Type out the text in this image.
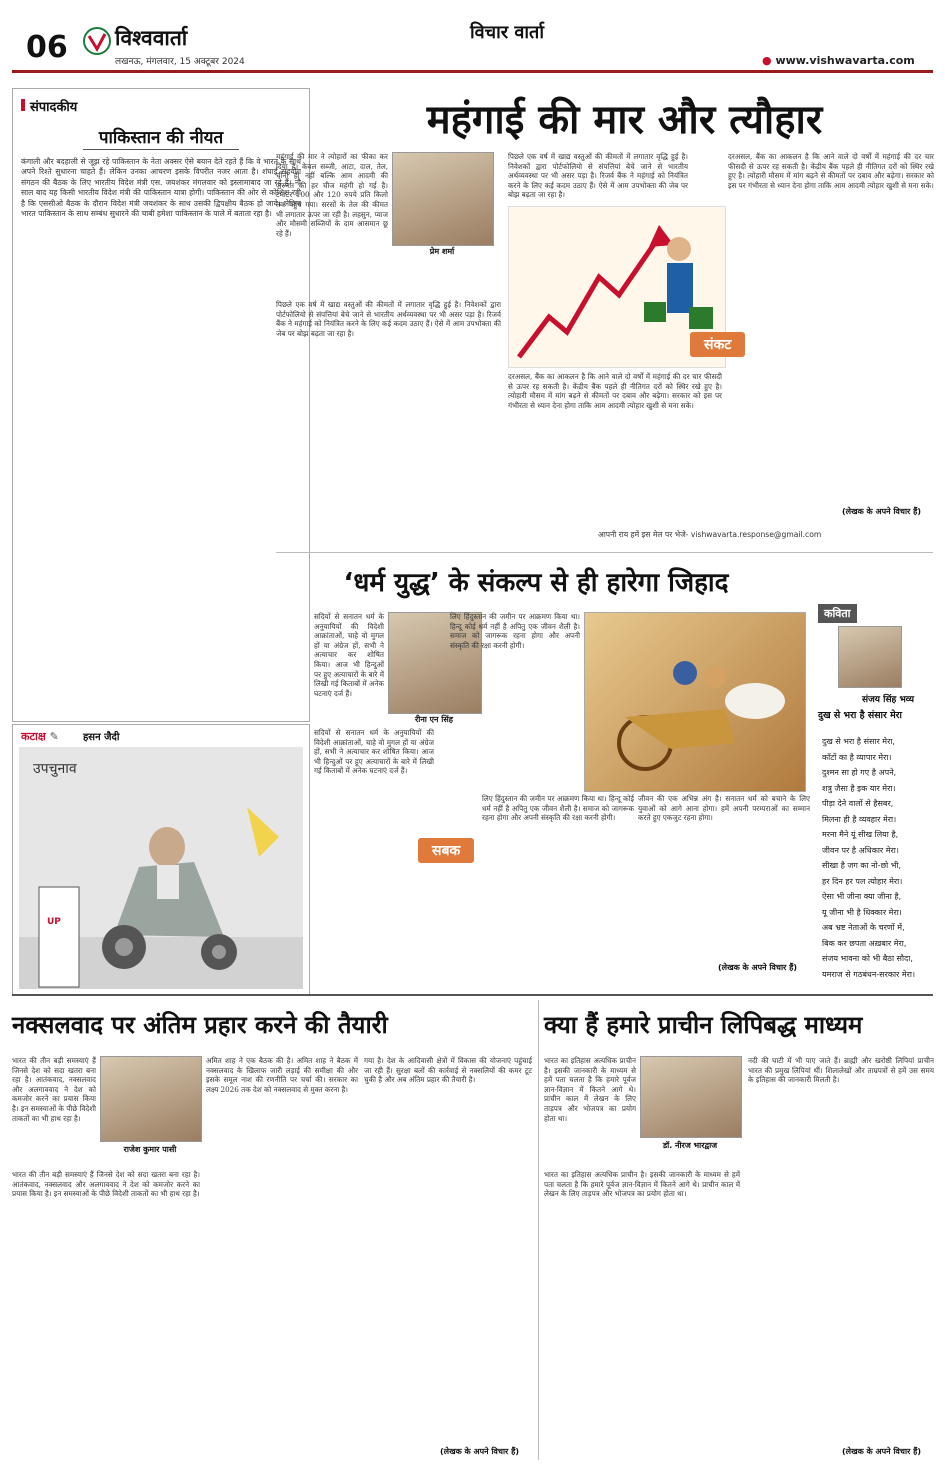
06 विश्ववार्ता
लखनऊ, मंगलवार, 15 अक्टूबर 2024
विचार वार्ता
● www.vishwavarta.com
संपादकीय
पाकिस्तान की नीयत
कंगाली और बदहाली से जूझ रहे पाकिस्तान के नेता अक्सर ऐसे बयान देते रहते हैं कि वे भारत के साथ अपने रिश्ते सुधारना चाहते हैं। लेकिन उनका आचरण इसके विपरीत नजर आता है। शंघाई सहयोग संगठन की बैठक के लिए भारतीय विदेश मंत्री एस. जयशंकर मंगलवार को इस्लामाबाद जा रहे हैं। नौ साल बाद यह किसी भारतीय विदेश मंत्री की पाकिस्तान यात्रा होगी। पाकिस्तान की ओर से कोशिश रही है कि एससीओ बैठक के दौरान विदेश मंत्री जयशंकर के साथ उसकी द्विपक्षीय बैठक हो जाये। लेकिन भारत पाकिस्तान के साथ सम्बंध सुधारने की चाबी हमेशा पाकिस्तान के पाले में बताता रहा है।
कटाक्ष ✎ हसन जैदी
उपचुनाव
UP
महंगाई की मार और त्यौहार
महंगाई की मार ने त्योहारों का फीका कर दिया है। केवल सब्जी, आटा, दाल, तेल, चीनी ही नहीं बल्कि आम आदमी की जरूरत की हर चीज महंगी हो गई है। टमाटर 100 और 120 रुपये प्रति किलो तक पहुंच गया। सरसों के तेल की कीमत भी लगातार ऊपर जा रही है। लहसुन, प्याज और मौसमी सब्जियों के दाम आसमान छू रहे हैं।
प्रेम शर्मा
पिछले एक वर्ष में खाद्य वस्तुओं की कीमतों में लगातार वृद्धि हुई है। निवेशकों द्वारा पोर्टफोलियो से संपत्तियां बेचे जाने से भारतीय अर्थव्यवस्था पर भी असर पड़ा है। रिजर्व बैंक ने महंगाई को नियंत्रित करने के लिए कई कदम उठाए हैं। ऐसे में आम उपभोक्ता की जेब पर बोझ बढ़ता जा रहा है।
पिछले एक वर्ष में खाद्य वस्तुओं की कीमतों में लगातार वृद्धि हुई है। निवेशकों द्वारा पोर्टफोलियो से संपत्तियां बेचे जाने से भारतीय अर्थव्यवस्था पर भी असर पड़ा है। रिजर्व बैंक ने महंगाई को नियंत्रित करने के लिए कई कदम उठाए हैं। ऐसे में आम उपभोक्ता की जेब पर बोझ बढ़ता जा रहा है।
संकट
दरअसल, बैंक का आकलन है कि आने वाले दो वर्षों में महंगाई की दर चार फीसदी से ऊपर रह सकती है। केंद्रीय बैंक पहले ही नीतिगत दरों को स्थिर रखे हुए है। त्योहारी मौसम में मांग बढ़ने से कीमतों पर दबाव और बढ़ेगा। सरकार को इस पर गंभीरता से ध्यान देना होगा ताकि आम आदमी त्योहार खुशी से मना सके।
दरअसल, बैंक का आकलन है कि आने वाले दो वर्षों में महंगाई की दर चार फीसदी से ऊपर रह सकती है। केंद्रीय बैंक पहले ही नीतिगत दरों को स्थिर रखे हुए है। त्योहारी मौसम में मांग बढ़ने से कीमतों पर दबाव और बढ़ेगा। सरकार को इस पर गंभीरता से ध्यान देना होगा ताकि आम आदमी त्योहार खुशी से मना सके।
(लेखक के अपने विचार हैं)
आपनी राय हमें इस मेल पर भेजे- vishwavarta.response@gmail.com
‘धर्म युद्ध’ के संकल्प से ही हारेगा जिहाद
सदियों से सनातन धर्म के अनुयायियों की विदेशी आक्रांताओं, चाहे वो मुगल हों या अंग्रेज हों, सभी ने अत्याचार कर शोषित किया। आज भी हिन्दुओं पर हुए अत्याचारों के बारे में लिखी गई किताबों में अनेक घटनाएं दर्ज हैं।
रीना एन सिंह
सदियों से सनातन धर्म के अनुयायियों की विदेशी आक्रांताओं, चाहे वो मुगल हों या अंग्रेज हों, सभी ने अत्याचार कर शोषित किया। आज भी हिन्दुओं पर हुए अत्याचारों के बारे में लिखी गई किताबों में अनेक घटनाएं दर्ज हैं।
सबक
लिए हिंदुस्तान की जमीन पर आक्रमण किया था। हिन्दू कोई धर्म नहीं है अपितु एक जीवन शैली है। समाज को जागरूक रहना होगा और अपनी संस्कृति की रक्षा करनी होगी।
लिए हिंदुस्तान की जमीन पर आक्रमण किया था। हिन्दू कोई धर्म नहीं है अपितु एक जीवन शैली है। समाज को जागरूक रहना होगा और अपनी संस्कृति की रक्षा करनी होगी।
जीवन की एक अभिन्न अंग है। सनातन धर्म को बचाने के लिए युवाओं को आगे आना होगा। हमें अपनी परम्पराओं का सम्मान करते हुए एकजुट रहना होगा।
(लेखक के अपने विचार हैं)
कविता
संजय सिंह भव्य
दुख से भरा है संसार मेरा
दुख से भरा है संसार मेरा,
काँटों का है व्यापार मेरा।
दुश्मन सा हो गए है अपने,
शत्रु जैसा है इक यार मेरा।
पीड़ा देने वालों से हैसबर,
मिलना ही है व्यवहार मेरा।
मरना मैने यूं सीख लिया है,
जीवन पर है अधिकार मेरा।
सीखा है जग का नो-छो भी,
हर दिन हर पल त्योहार मेरा।
ऐसा भी जीना क्या जीना है,
यू जीना भी है धिक्कार मेरा।
अब भ्रष्ट नेताओं के चरणों में,
बिक कर छपता अख़बार मेरा,
संजय भावना को भी बैठा सौदा,
यमराज से गठबंधन-सरकार मेरा।
नक्सलवाद पर अंतिम प्रहार करने की तैयारी
भारत की तीन बड़ी समस्याएं हैं जिनसे देश को सदा खतरा बना रहा है। आतंकवाद, नक्सलवाद और अलगाववाद ने देश को कमजोर करने का प्रयास किया है। इन समस्याओं के पीछे विदेशी ताकतों का भी हाथ रहा है।
राजेश कुमार पासी
भारत की तीन बड़ी समस्याएं हैं जिनसे देश को सदा खतरा बना रहा है। आतंकवाद, नक्सलवाद और अलगाववाद ने देश को कमजोर करने का प्रयास किया है। इन समस्याओं के पीछे विदेशी ताकतों का भी हाथ रहा है।
अमित शाह ने एक बैठक की है। अमित शाह ने बैठक में नक्सलवाद के खिलाफ जारी लड़ाई की समीक्षा की और इसके समूल नाश की रणनीति पर चर्चा की। सरकार का लक्ष्य 2026 तक देश को नक्सलवाद से मुक्त करना है।
गया है। देश के आदिवासी क्षेत्रों में विकास की योजनाएं पहुंचाई जा रही हैं। सुरक्षा बलों की कार्रवाई से नक्सलियों की कमर टूट चुकी है और अब अंतिम प्रहार की तैयारी है।
(लेखक के अपने विचार हैं)
क्या हैं हमारे प्राचीन लिपिबद्ध माध्यम
भारत का इतिहास अत्यधिक प्राचीन है। इसकी जानकारी के माध्यम से हमें पता चलता है कि हमारे पूर्वज ज्ञान-विज्ञान में कितने आगे थे। प्राचीन काल में लेखन के लिए ताड़पत्र और भोजपत्र का प्रयोग होता था।
डॉ. नीरज भारद्वाज
भारत का इतिहास अत्यधिक प्राचीन है। इसकी जानकारी के माध्यम से हमें पता चलता है कि हमारे पूर्वज ज्ञान-विज्ञान में कितने आगे थे। प्राचीन काल में लेखन के लिए ताड़पत्र और भोजपत्र का प्रयोग होता था।
नदी की घाटी में भी पाए जाते हैं। ब्राह्मी और खरोष्ठी लिपियां प्राचीन भारत की प्रमुख लिपियां थीं। शिलालेखों और ताम्रपत्रों से हमें उस समय के इतिहास की जानकारी मिलती है।
(लेखक के अपने विचार हैं)
